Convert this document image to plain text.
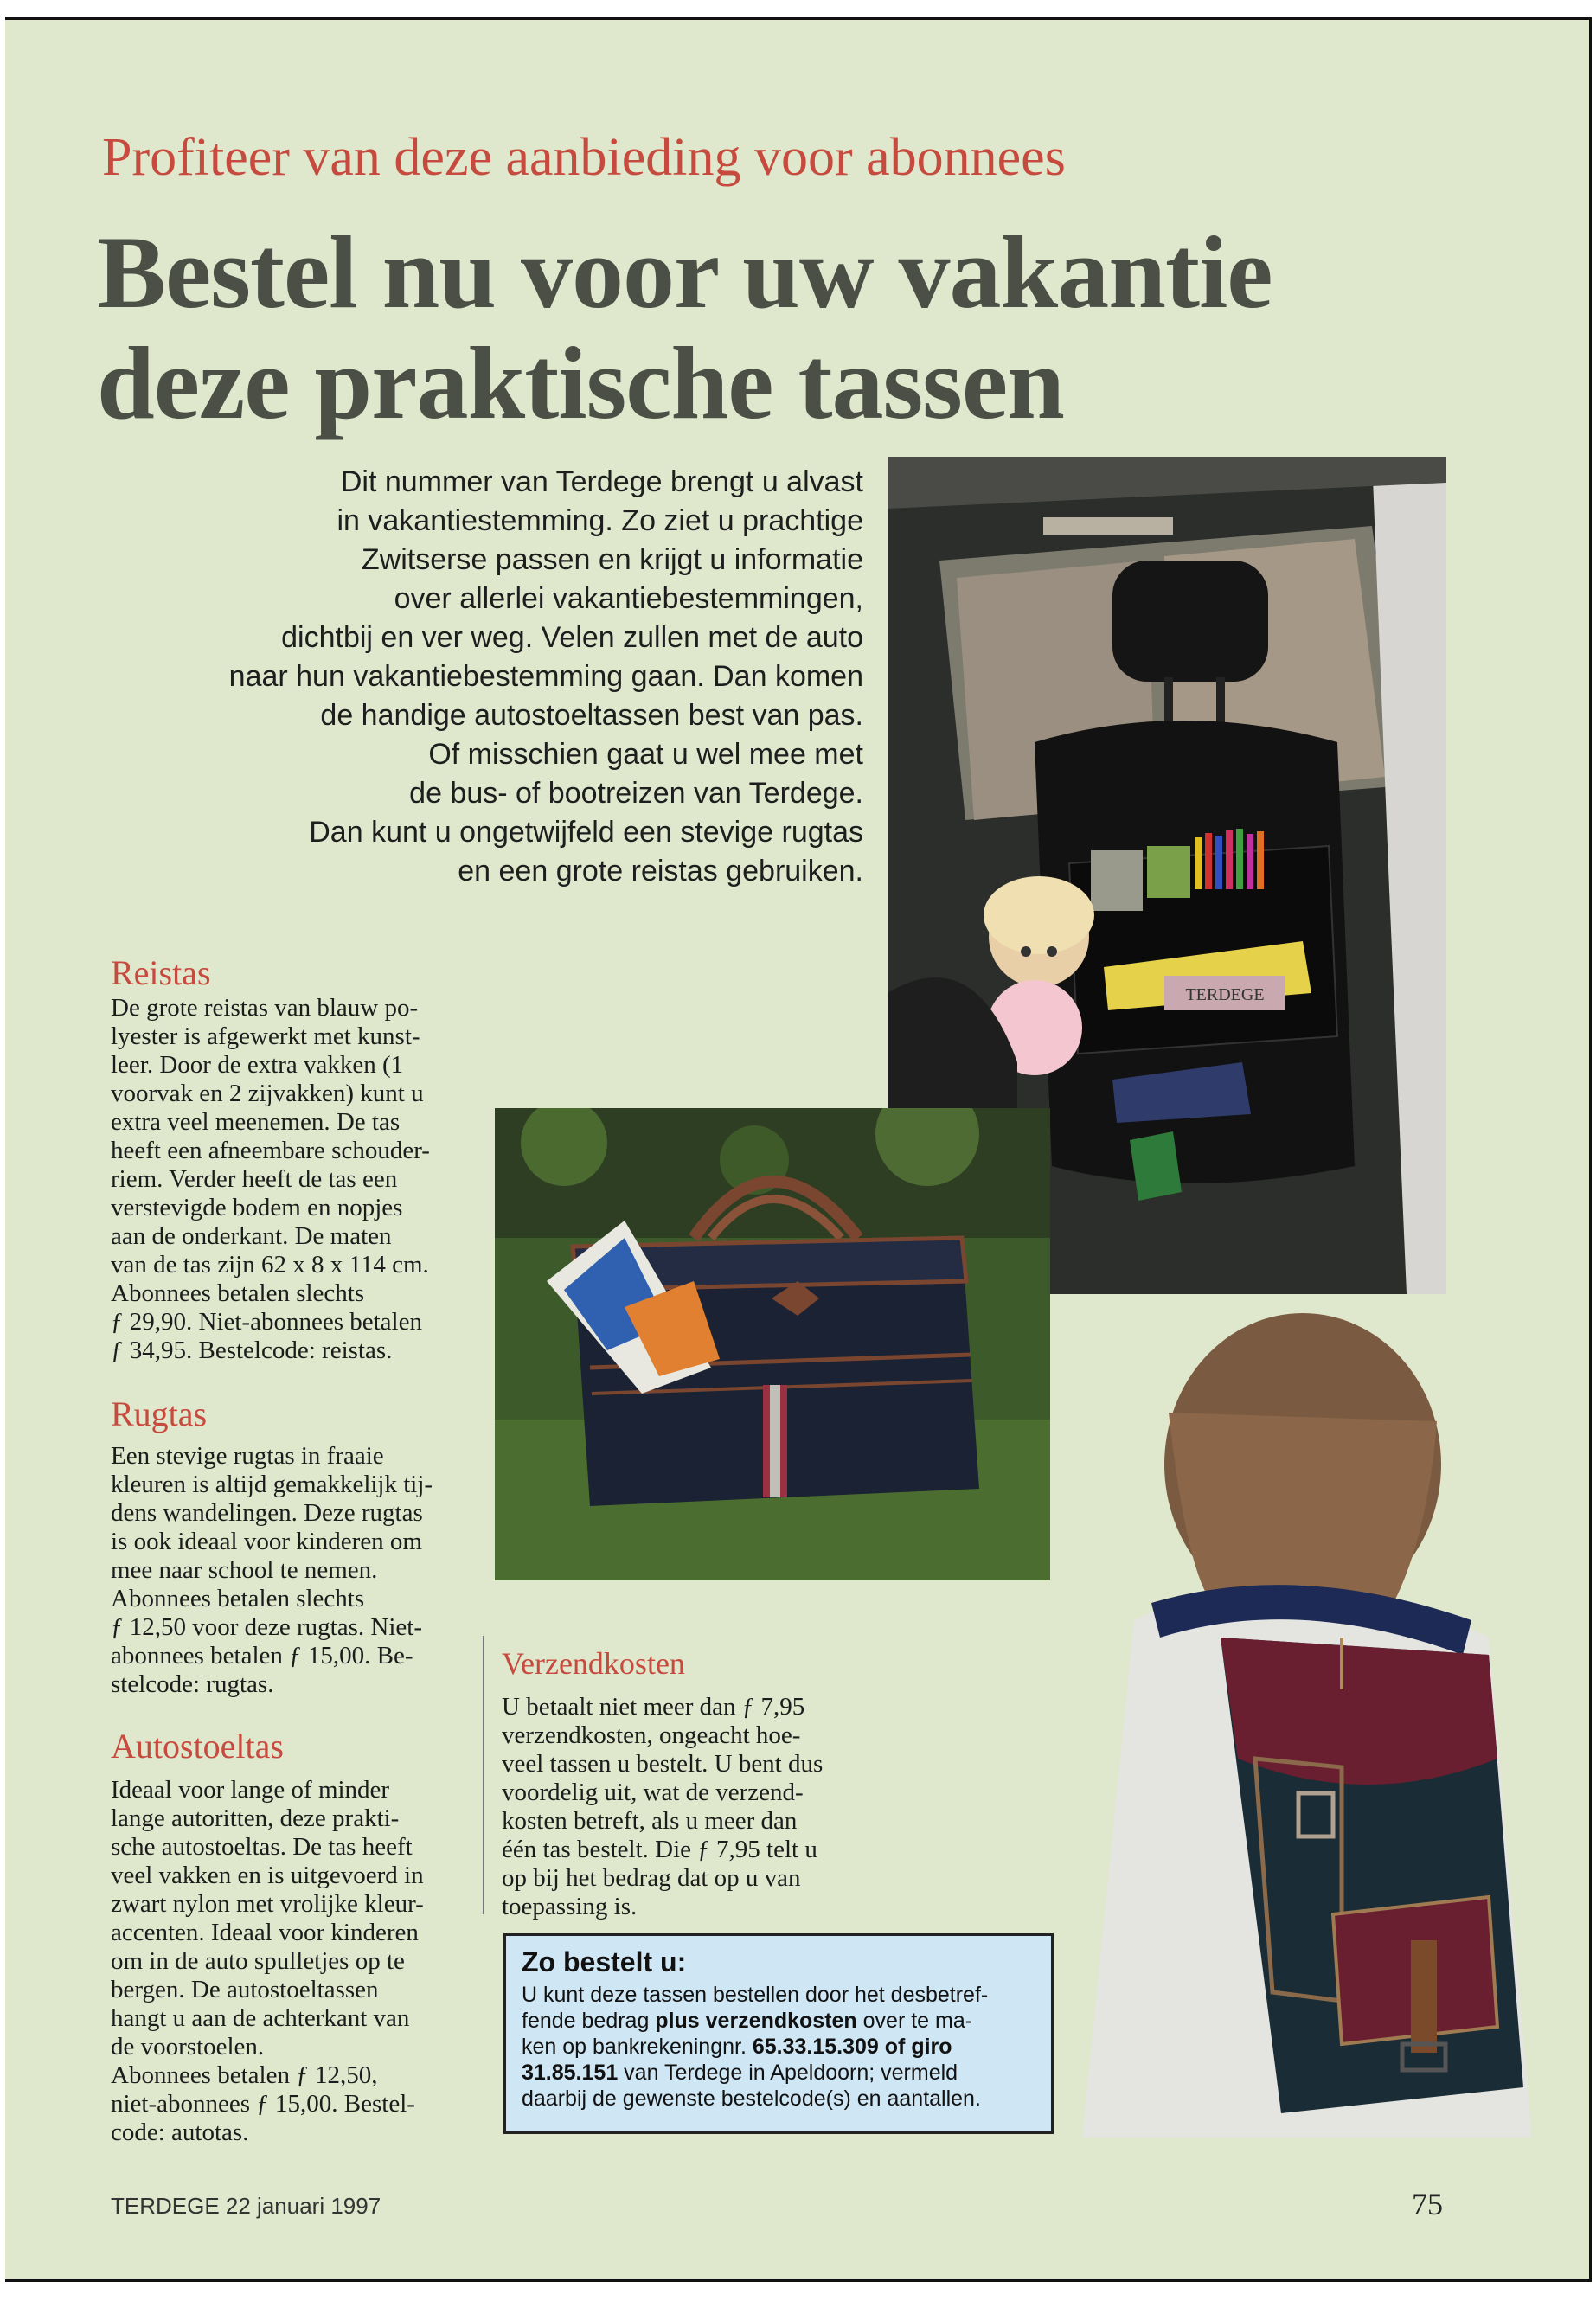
Profiteer van deze aanbieding voor abonnees
Bestel nu voor uw vakantie
deze praktische tassen
Dit nummer van Terdege brengt u alvast
in vakantiestemming. Zo ziet u prachtige
Zwitserse passen en krijgt u informatie
over allerlei vakantiebestemmingen,
dichtbij en ver weg. Velen zullen met de auto
naar hun vakantiebestemming gaan. Dan komen
de handige autostoeltassen best van pas.
Of misschien gaat u wel mee met
de bus- of bootreizen van Terdege.
Dan kunt u ongetwijfeld een stevige rugtas
en een grote reistas gebruiken.
TERDEGE
Reistas
De grote reistas van blauw po-
lyester is afgewerkt met kunst-
leer. Door de extra vakken (1
voorvak en 2 zijvakken) kunt u
extra veel meenemen. De tas
heeft een afneembare schouder-
riem. Verder heeft de tas een
verstevigde bodem en nopjes
aan de onderkant. De maten
van de tas zijn 62 x 8 x 114 cm.
Abonnees betalen slechts
ƒ 29,90. Niet-abonnees betalen
ƒ 34,95. Bestelcode: reistas.
Rugtas
Een stevige rugtas in fraaie
kleuren is altijd gemakkelijk tij-
dens wandelingen. Deze rugtas
is ook ideaal voor kinderen om
mee naar school te nemen.
Abonnees betalen slechts
ƒ 12,50 voor deze rugtas. Niet-
abonnees betalen ƒ 15,00. Be-
stelcode: rugtas.
Autostoeltas
Ideaal voor lange of minder
lange autoritten, deze prakti-
sche autostoeltas. De tas heeft
veel vakken en is uitgevoerd in
zwart nylon met vrolijke kleur-
accenten. Ideaal voor kinderen
om in de auto spulletjes op te
bergen. De autostoeltassen
hangt u aan de achterkant van
de voorstoelen.
Abonnees betalen ƒ 12,50,
niet-abonnees ƒ 15,00. Bestel-
code: autotas.
Verzendkosten
U betaalt niet meer dan ƒ 7,95
verzendkosten, ongeacht hoe-
veel tassen u bestelt. U bent dus
voordelig uit, wat de verzend-
kosten betreft, als u meer dan
één tas bestelt. Die ƒ 7,95 telt u
op bij het bedrag dat op u van
toepassing is.
Zo bestelt u:
U kunt deze tassen bestellen door het desbetref-
fende bedrag plus verzendkosten over te ma-
ken op bankrekeningnr. 65.33.15.309 of giro
31.85.151 van Terdege in Apeldoorn; vermeld
daarbij de gewenste bestelcode(s) en aantallen.
TERDEGE 22 januari 1997	75
